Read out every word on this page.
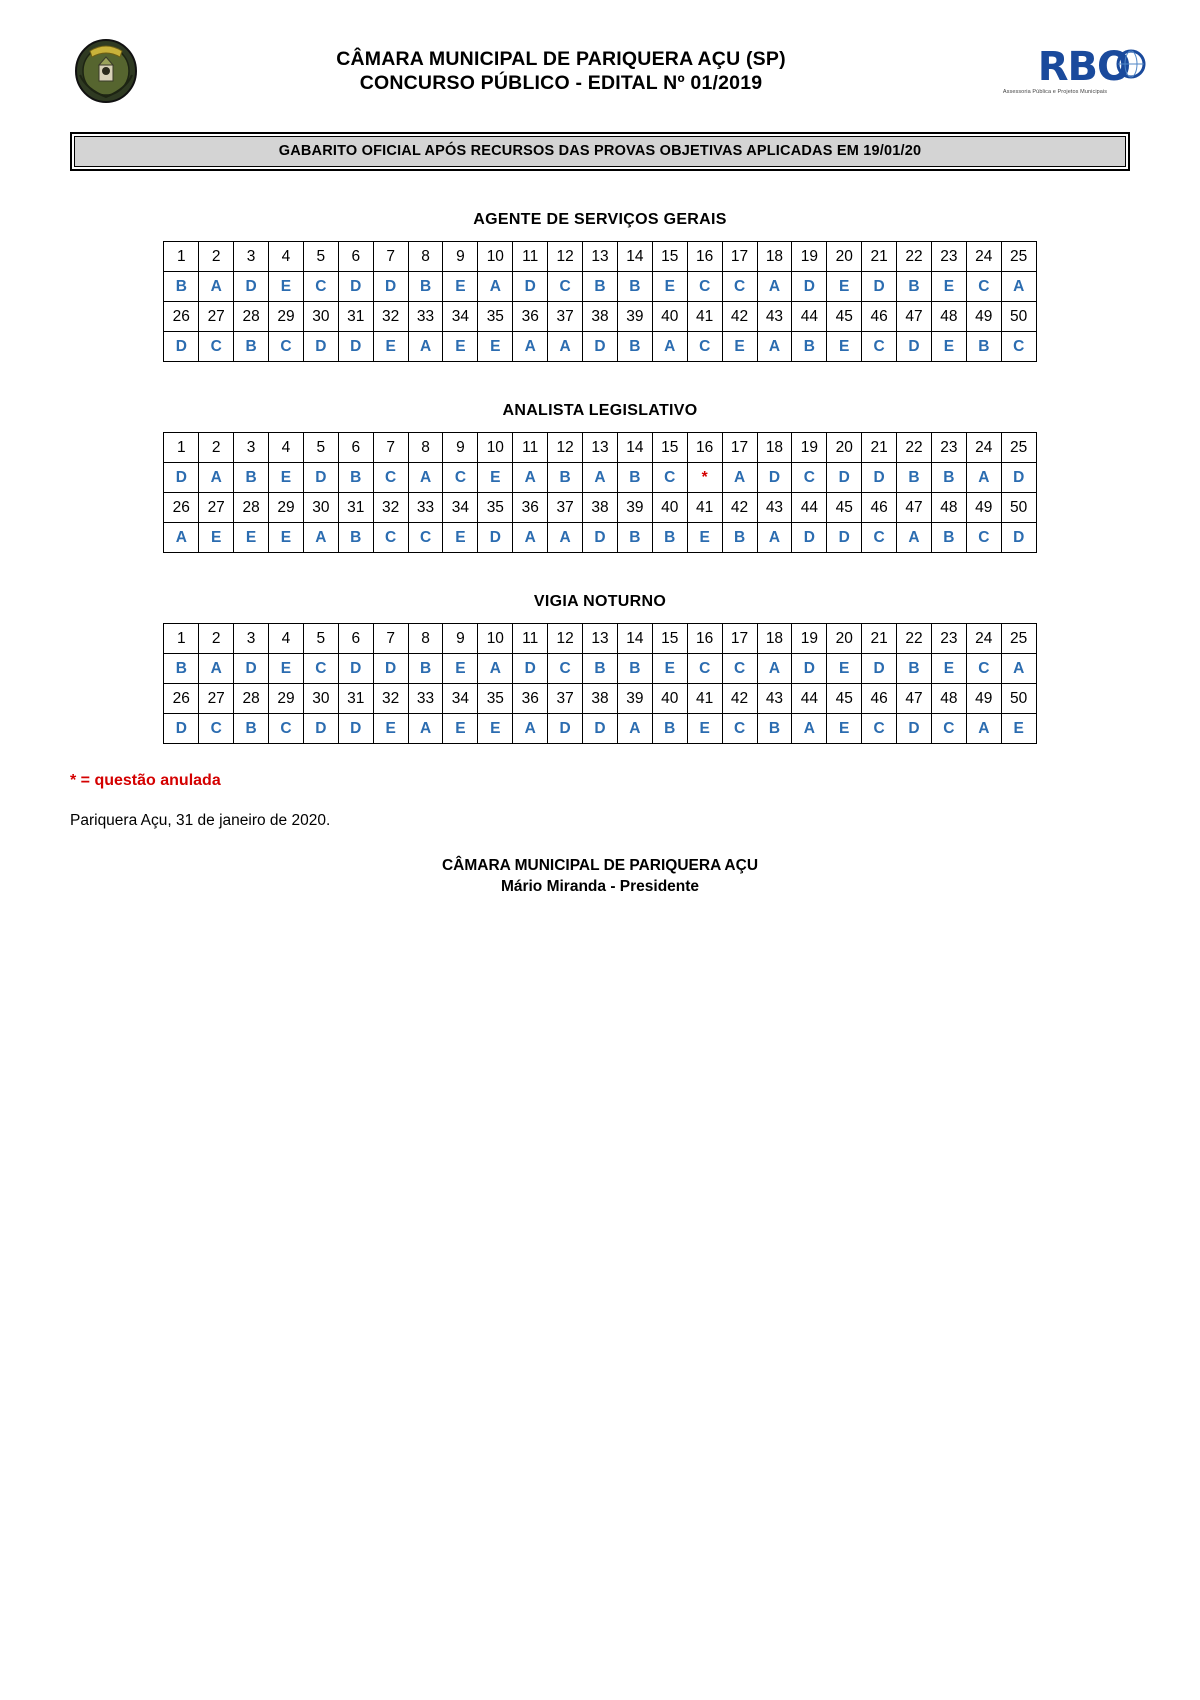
CÂMARA MUNICIPAL DE PARIQUERA AÇU (SP)
CONCURSO PÚBLICO - EDITAL Nº 01/2019	RBO
Assessoria Pública e Projetos Municipais
GABARITO OFICIAL APÓS RECURSOS DAS PROVAS OBJETIVAS APLICADAS EM 19/01/20
AGENTE DE SERVIÇOS GERAIS
1	2	3	4	5	6	7	8	9	10	11	12	13	14	15	16	17	18	19	20	21	22	23	24	25
B	A	D	E	C	D	D	B	E	A	D	C	B	B	E	C	C	A	D	E	D	B	E	C	A
26	27	28	29	30	31	32	33	34	35	36	37	38	39	40	41	42	43	44	45	46	47	48	49	50
D	C	B	C	D	D	E	A	E	E	A	A	D	B	A	C	E	A	B	E	C	D	E	B	C
ANALISTA LEGISLATIVO
1	2	3	4	5	6	7	8	9	10	11	12	13	14	15	16	17	18	19	20	21	22	23	24	25
D	A	B	E	D	B	C	A	C	E	A	B	A	B	C	*	A	D	C	D	D	B	B	A	D
26	27	28	29	30	31	32	33	34	35	36	37	38	39	40	41	42	43	44	45	46	47	48	49	50
A	E	E	E	A	B	C	C	E	D	A	A	D	B	B	E	B	A	D	D	C	A	B	C	D
VIGIA NOTURNO
1	2	3	4	5	6	7	8	9	10	11	12	13	14	15	16	17	18	19	20	21	22	23	24	25
B	A	D	E	C	D	D	B	E	A	D	C	B	B	E	C	C	A	D	E	D	B	E	C	A
26	27	28	29	30	31	32	33	34	35	36	37	38	39	40	41	42	43	44	45	46	47	48	49	50
D	C	B	C	D	D	E	A	E	E	A	D	D	A	B	E	C	B	A	E	C	D	C	A	E
* = questão anulada
Pariquera Açu, 31 de janeiro de 2020.
CÂMARA MUNICIPAL DE PARIQUERA AÇU
Mário Miranda - Presidente
